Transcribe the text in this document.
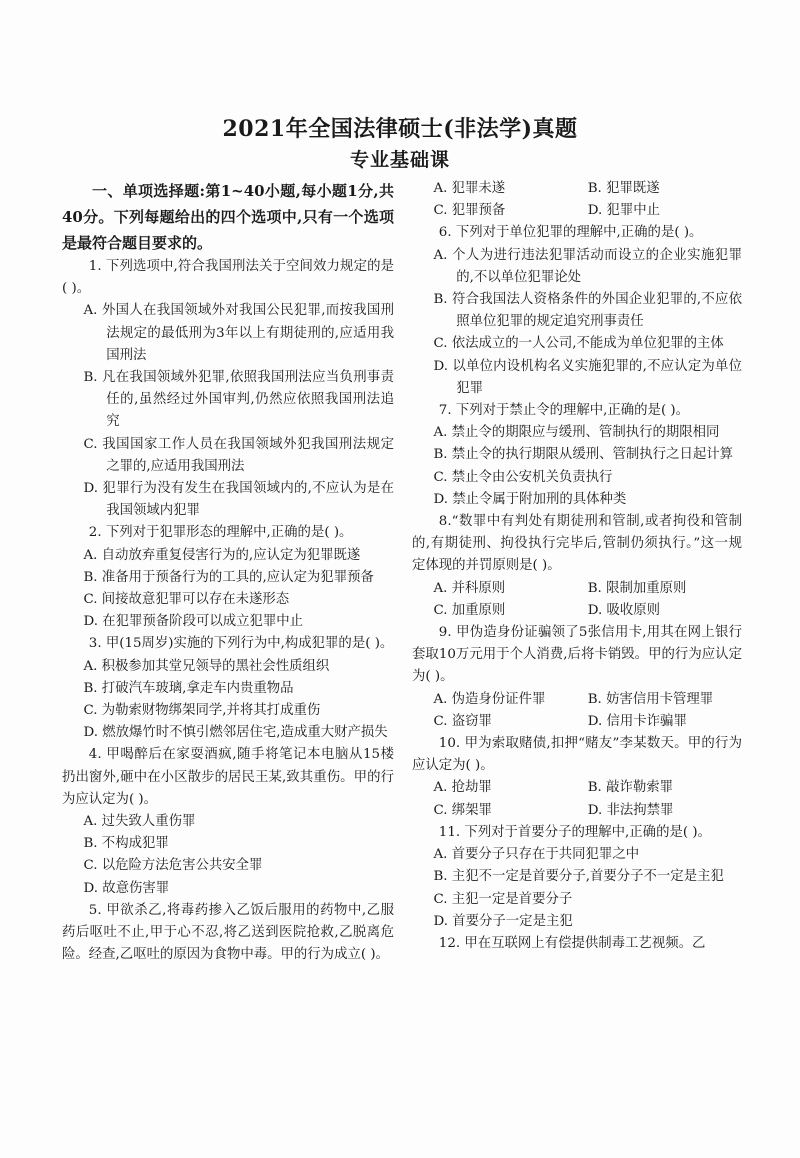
2021年全国法律硕士(非法学)真题
专业基础课

一、单项选择题:第1~40小题,每小题1分,共40分。下列每题给出的四个选项中,只有一个选项是最符合题目要求的。

1. 下列选项中,符合我国刑法关于空间效力规定的是( )。

A. 外国人在我国领域外对我国公民犯罪,而按我国刑法规定的最低刑为3年以上有期徒刑的,应适用我国刑法

B. 凡在我国领域外犯罪,依照我国刑法应当负刑事责任的,虽然经过外国审判,仍然应依照我国刑法追究

C. 我国国家工作人员在我国领域外犯我国刑法规定之罪的,应适用我国刑法

D. 犯罪行为没有发生在我国领域内的,不应认为是在我国领域内犯罪

2. 下列对于犯罪形态的理解中,正确的是( )。

A. 自动放弃重复侵害行为的,应认定为犯罪既遂

B. 准备用于预备行为的工具的,应认定为犯罪预备

C. 间接故意犯罪可以存在未遂形态

D. 在犯罪预备阶段可以成立犯罪中止

3. 甲(15周岁)实施的下列行为中,构成犯罪的是( )。

A. 积极参加其堂兄领导的黑社会性质组织

B. 打破汽车玻璃,拿走车内贵重物品

C. 为勒索财物绑架同学,并将其打成重伤

D. 燃放爆竹时不慎引燃邻居住宅,造成重大财产损失

4. 甲喝醉后在家耍酒疯,随手将笔记本电脑从15楼扔出窗外,砸中在小区散步的居民王某,致其重伤。甲的行为应认定为( )。

A. 过失致人重伤罪

B. 不构成犯罪

C. 以危险方法危害公共安全罪

D. 故意伤害罪

5. 甲欲杀乙,将毒药掺入乙饭后服用的药物中,乙服药后呕吐不止,甲于心不忍,将乙送到医院抢救,乙脱离危险。经查,乙呕吐的原因为食物中毒。甲的行为成立( )。

A. 犯罪未遂	B. 犯罪既遂
C. 犯罪预备	D. 犯罪中止

6. 下列对于单位犯罪的理解中,正确的是( )。

A. 个人为进行违法犯罪活动而设立的企业实施犯罪的,不以单位犯罪论处

B. 符合我国法人资格条件的外国企业犯罪的,不应依照单位犯罪的规定追究刑事责任

C. 依法成立的一人公司,不能成为单位犯罪的主体

D. 以单位内设机构名义实施犯罪的,不应认定为单位犯罪

7. 下列对于禁止令的理解中,正确的是( )。

A. 禁止令的期限应与缓刑、管制执行的期限相同

B. 禁止令的执行期限从缓刑、管制执行之日起计算

C. 禁止令由公安机关负责执行

D. 禁止令属于附加刑的具体种类

8.“数罪中有判处有期徒刑和管制,或者拘役和管制的,有期徒刑、拘役执行完毕后,管制仍须执行。”这一规定体现的并罚原则是( )。

A. 并科原则	B. 限制加重原则
C. 加重原则	D. 吸收原则

9. 甲伪造身份证骗领了5张信用卡,用其在网上银行套取10万元用于个人消费,后将卡销毁。甲的行为应认定为( )。

A. 伪造身份证件罪	B. 妨害信用卡管理罪
C. 盗窃罪	D. 信用卡诈骗罪

10. 甲为索取赌债,扣押“赌友”李某数天。甲的行为应认定为( )。

A. 抢劫罪	B. 敲诈勒索罪
C. 绑架罪	D. 非法拘禁罪

11. 下列对于首要分子的理解中,正确的是( )。

A. 首要分子只存在于共同犯罪之中

B. 主犯不一定是首要分子,首要分子不一定是主犯

C. 主犯一定是首要分子

D. 首要分子一定是主犯

12. 甲在互联网上有偿提供制毒工艺视频。乙
